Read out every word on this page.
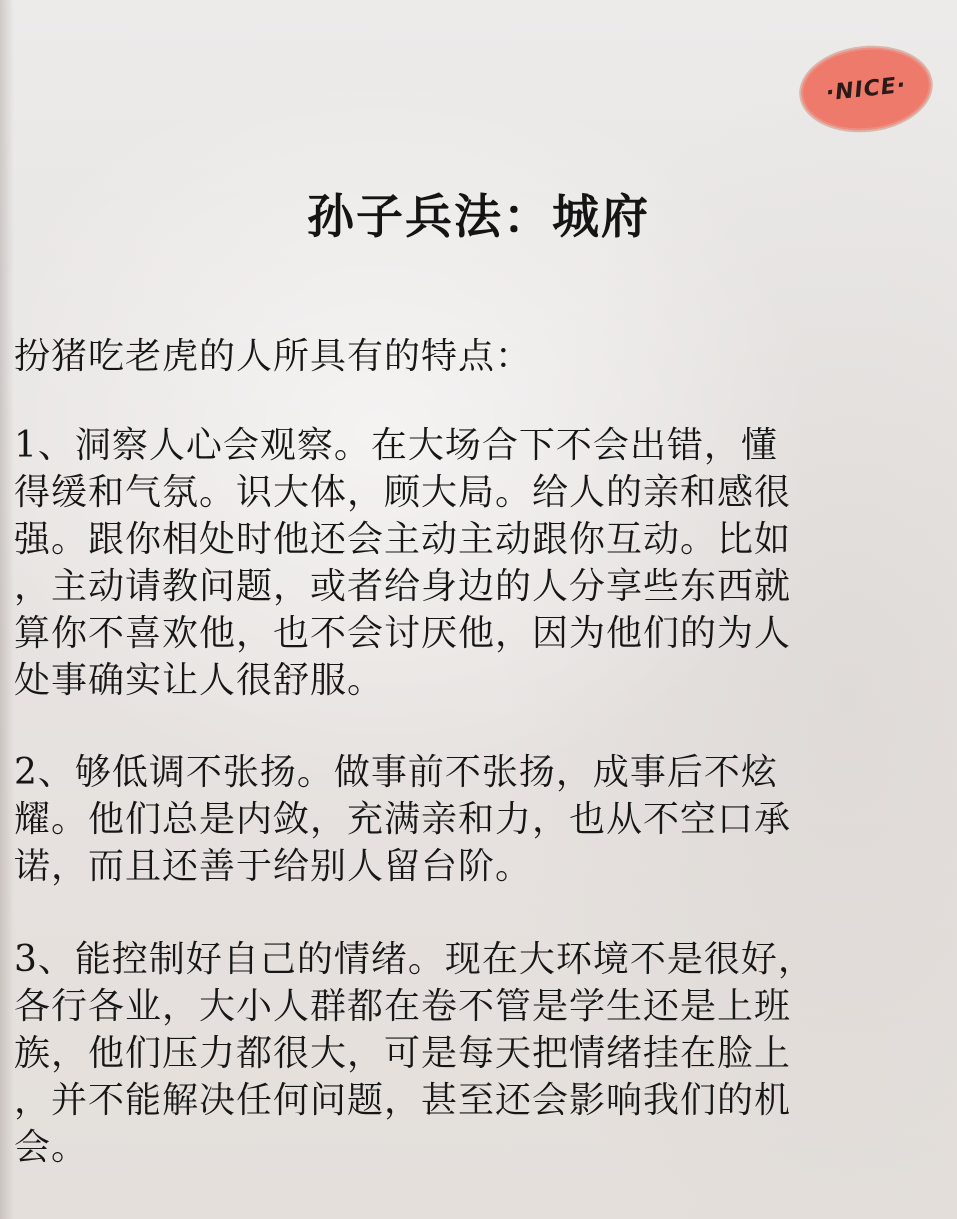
·NICE·
孙子兵法：城府

扮猪吃老虎的人所具有的特点：

1、洞察人心会观察。在大场合下不会出错，懂
得缓和气氛。识大体，顾大局。给人的亲和感很
强。跟你相处时他还会主动主动跟你互动。比如
，主动请教问题，或者给身边的人分享些东西就
算你不喜欢他，也不会讨厌他，因为他们的为人
处事确实让人很舒服。
2、够低调不张扬。做事前不张扬，成事后不炫
耀。他们总是内敛，充满亲和力，也从不空口承
诺，而且还善于给别人留台阶。
3、能控制好自己的情绪。现在大环境不是很好，
各行各业，大小人群都在卷不管是学生还是上班
族，他们压力都很大，可是每天把情绪挂在脸上
，并不能解决任何问题，甚至还会影响我们的机
会。
